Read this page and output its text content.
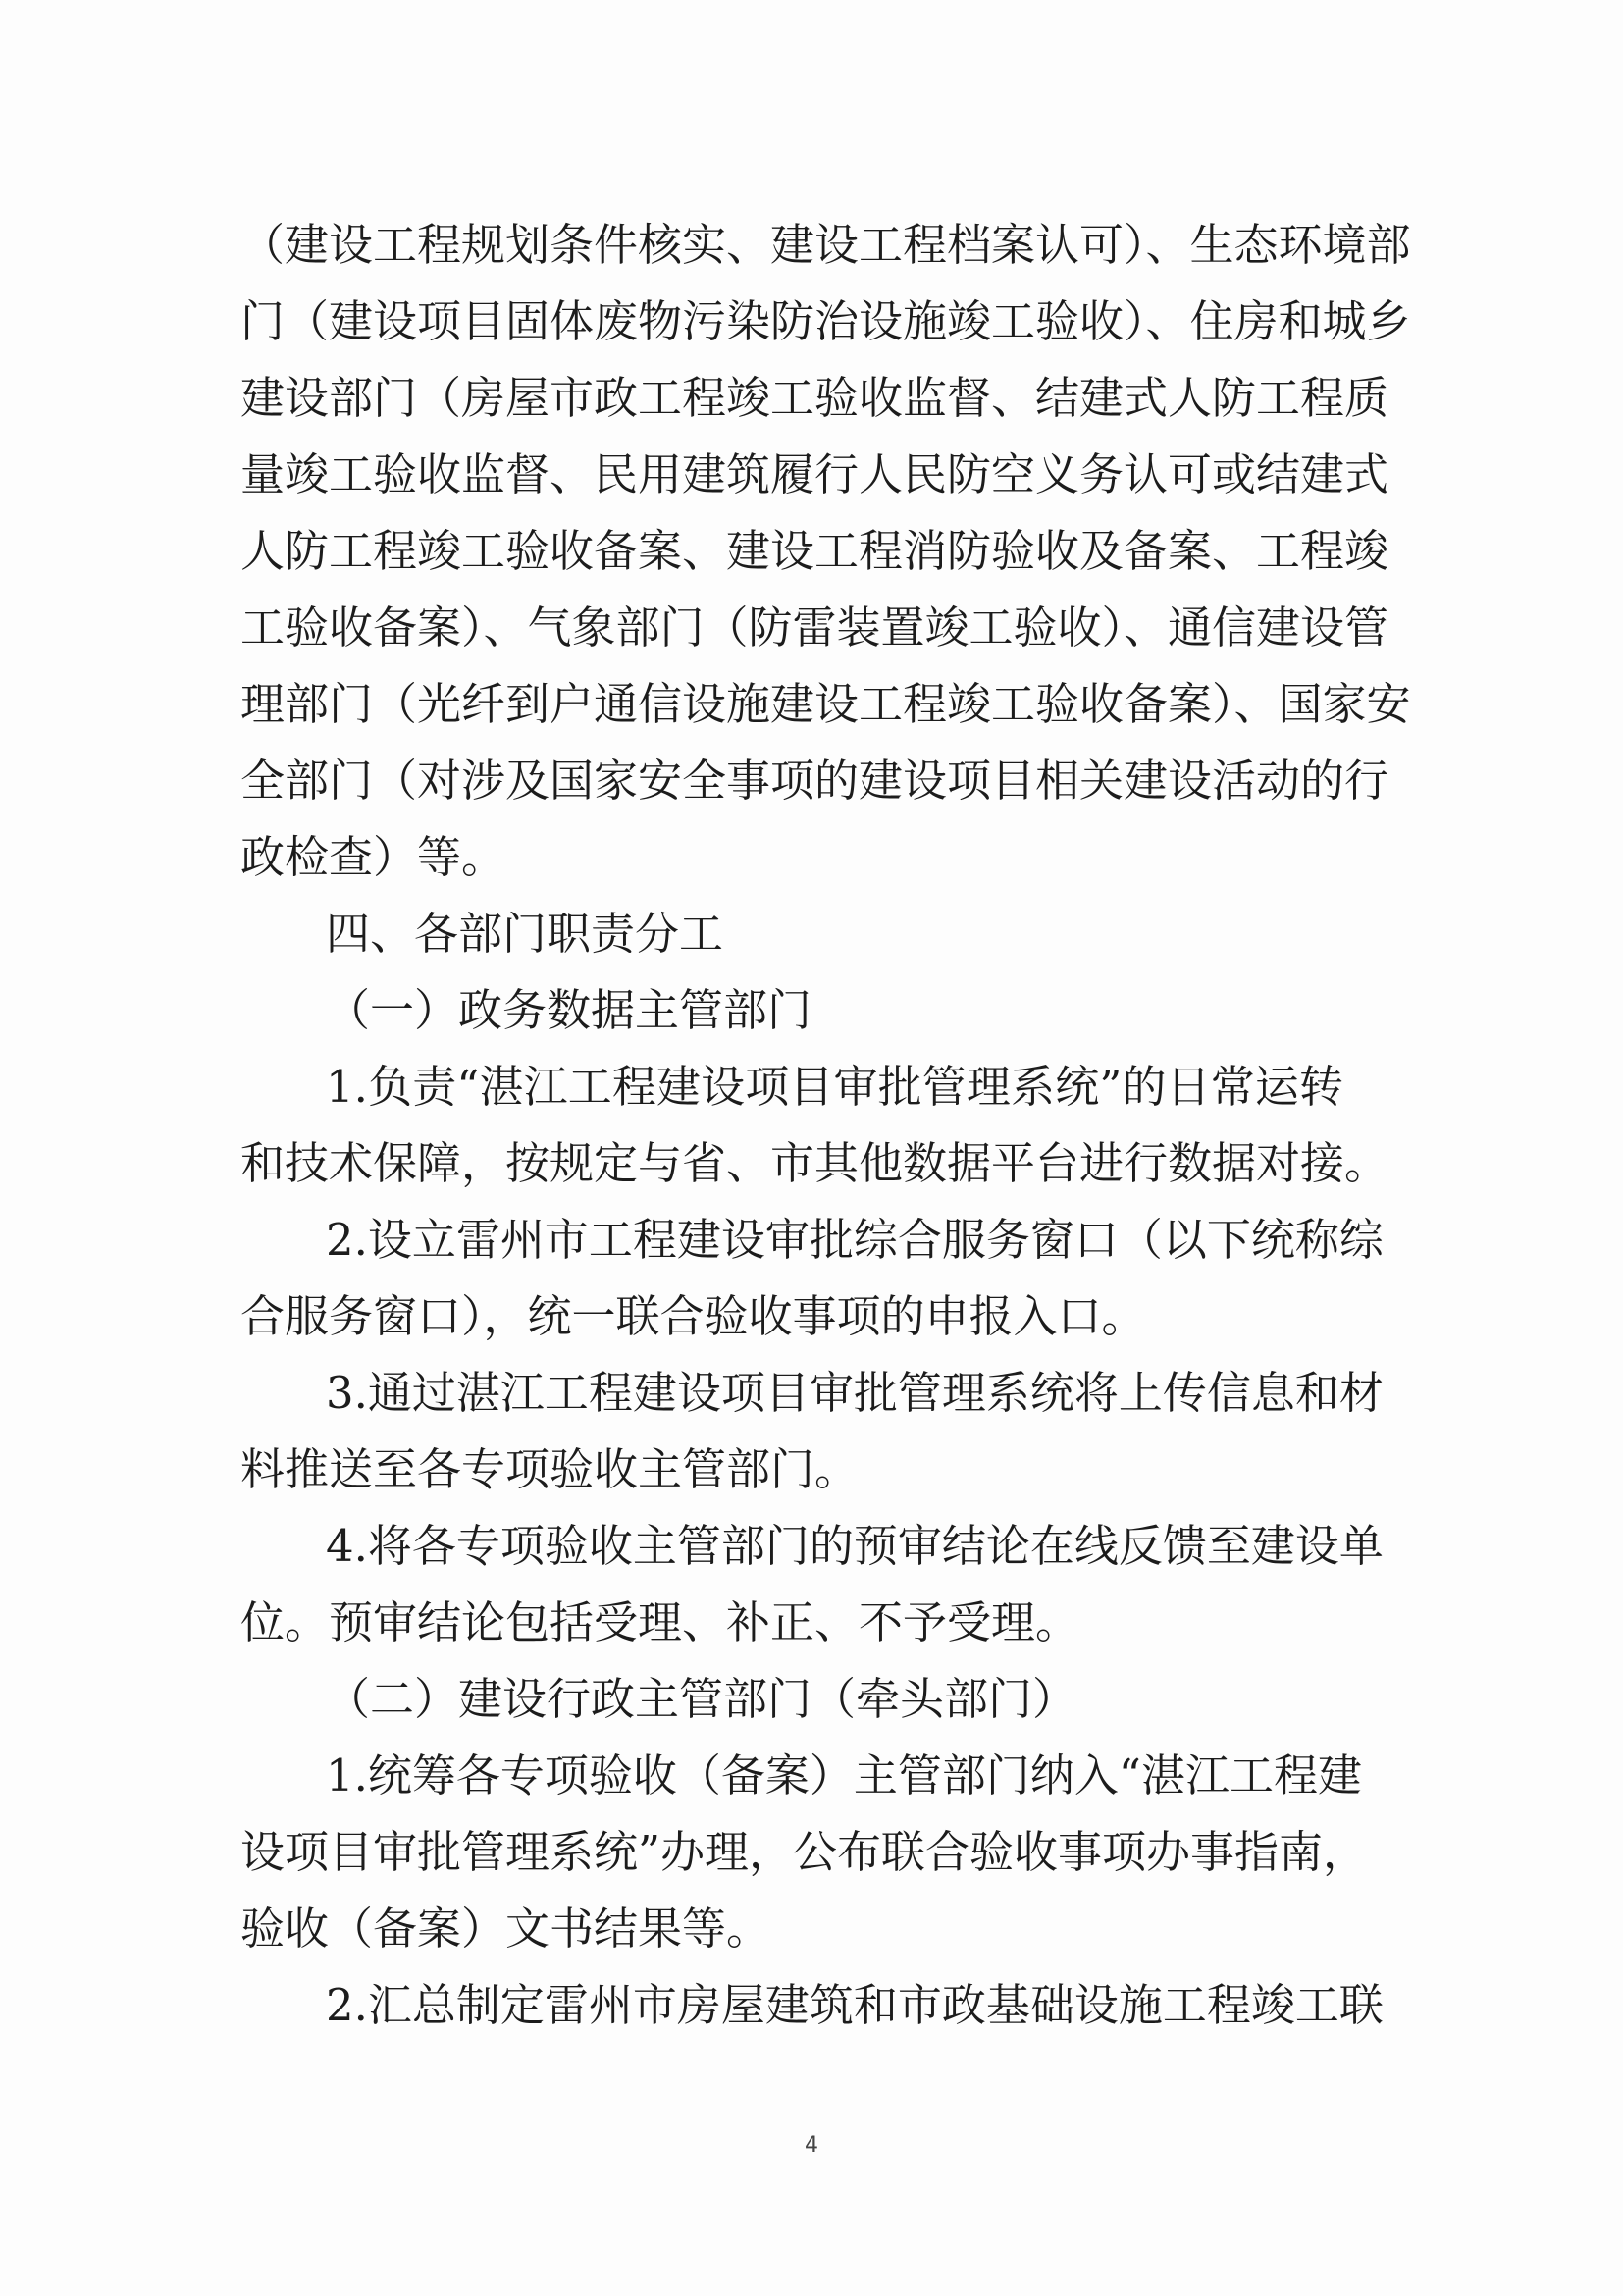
（建设工程规划条件核实、建设工程档案认可）、生态环境部
门（建设项目固体废物污染防治设施竣工验收）、住房和城乡
建设部门（房屋市政工程竣工验收监督、结建式人防工程质
量竣工验收监督、民用建筑履行人民防空义务认可或结建式
人防工程竣工验收备案、建设工程消防验收及备案、工程竣
工验收备案）、气象部门（防雷装置竣工验收）、通信建设管
理部门（光纤到户通信设施建设工程竣工验收备案）、国家安
全部门（对涉及国家安全事项的建设项目相关建设活动的行
政检查）等。
四、各部门职责分工
（一）政务数据主管部门
1.负责“湛江工程建设项目审批管理系统”的日常运转
和技术保障，按规定与省、市其他数据平台进行数据对接。
2.设立雷州市工程建设审批综合服务窗口（以下统称综
合服务窗口），统一联合验收事项的申报入口。
3.通过湛江工程建设项目审批管理系统将上传信息和材
料推送至各专项验收主管部门。
4.将各专项验收主管部门的预审结论在线反馈至建设单
位。预审结论包括受理、补正、不予受理。
（二）建设行政主管部门（牵头部门）
1.统筹各专项验收（备案）主管部门纳入“湛江工程建
设项目审批管理系统”办理，公布联合验收事项办事指南，
验收（备案）文书结果等。
2.汇总制定雷州市房屋建筑和市政基础设施工程竣工联
4
